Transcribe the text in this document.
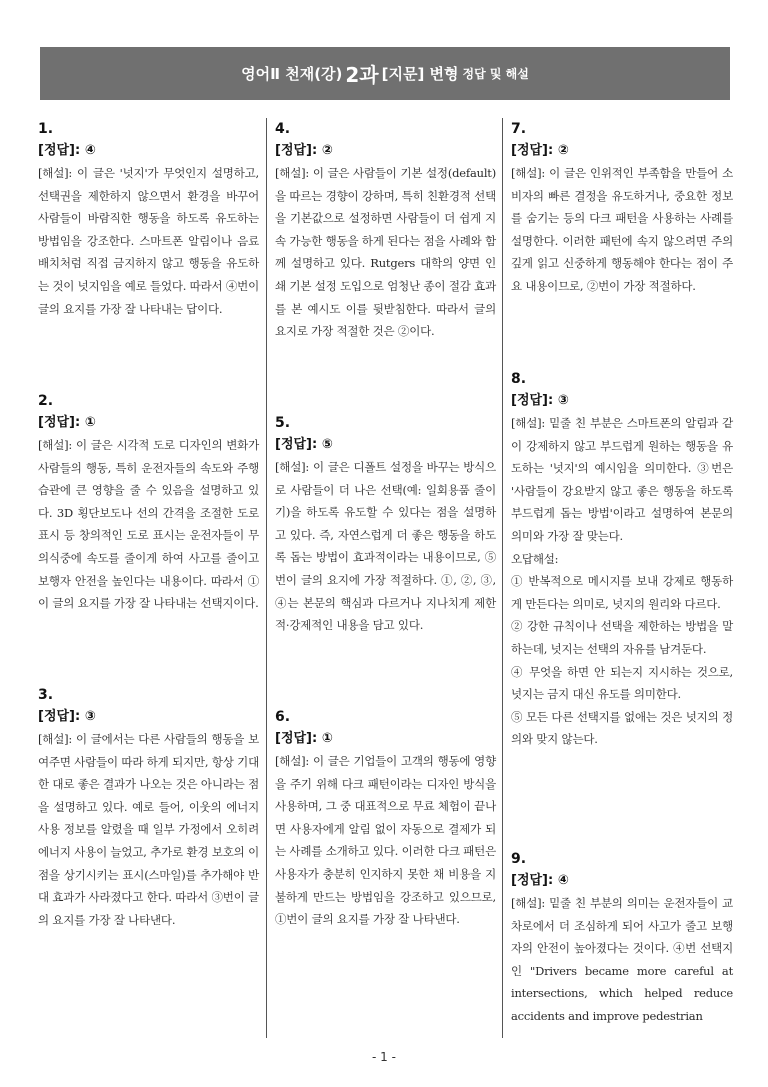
영어Ⅱ 천재(강) 2과 [지문] 변형 정답 및 해설
1.
[정답]: ④

[해설]: 이 글은 '넛지'가 무엇인지 설명하고, 선택권을 제한하지 않으면서 환경을 바꾸어 사람들이 바람직한 행동을 하도록 유도하는 방법임을 강조한다. 스마트폰 알림이나 음료 배치처럼 직접 금지하지 않고 행동을 유도하는 것이 넛지임을 예로 들었다. 따라서 ④번이 글의 요지를 가장 잘 나타내는 답이다.

2.
[정답]: ①

[해설]: 이 글은 시각적 도로 디자인의 변화가 사람들의 행동, 특히 운전자들의 속도와 주행 습관에 큰 영향을 줄 수 있음을 설명하고 있다. 3D 횡단보도나 선의 간격을 조절한 도로 표시 등 창의적인 도로 표시는 운전자들이 무의식중에 속도를 줄이게 하여 사고를 줄이고 보행자 안전을 높인다는 내용이다. 따라서 ①이 글의 요지를 가장 잘 나타내는 선택지이다.

3.
[정답]: ③

[해설]: 이 글에서는 다른 사람들의 행동을 보여주면 사람들이 따라 하게 되지만, 항상 기대한 대로 좋은 결과가 나오는 것은 아니라는 점을 설명하고 있다. 예로 들어, 이웃의 에너지 사용 정보를 알렸을 때 일부 가정에서 오히려 에너지 사용이 늘었고, 추가로 환경 보호의 이점을 상기시키는 표시(스마일)를 추가해야 반대 효과가 사라졌다고 한다. 따라서 ③번이 글의 요지를 가장 잘 나타낸다.

4.
[정답]: ②

[해설]: 이 글은 사람들이 기본 설정(default)을 따르는 경향이 강하며, 특히 친환경적 선택을 기본값으로 설정하면 사람들이 더 쉽게 지속 가능한 행동을 하게 된다는 점을 사례와 함께 설명하고 있다. Rutgers 대학의 양면 인쇄 기본 설정 도입으로 엄청난 종이 절감 효과를 본 예시도 이를 뒷받침한다. 따라서 글의 요지로 가장 적절한 것은 ②이다.

5.
[정답]: ⑤

[해설]: 이 글은 디폴트 설정을 바꾸는 방식으로 사람들이 더 나은 선택(예: 일회용품 줄이기)을 하도록 유도할 수 있다는 점을 설명하고 있다. 즉, 자연스럽게 더 좋은 행동을 하도록 돕는 방법이 효과적이라는 내용이므로, ⑤번이 글의 요지에 가장 적절하다. ①, ②, ③, ④는 본문의 핵심과 다르거나 지나치게 제한적·강제적인 내용을 담고 있다.

6.
[정답]: ①

[해설]: 이 글은 기업들이 고객의 행동에 영향을 주기 위해 다크 패턴이라는 디자인 방식을 사용하며, 그 중 대표적으로 무료 체험이 끝나면 사용자에게 알림 없이 자동으로 결제가 되는 사례를 소개하고 있다. 이러한 다크 패턴은 사용자가 충분히 인지하지 못한 채 비용을 지불하게 만드는 방법임을 강조하고 있으므로, ①번이 글의 요지를 가장 잘 나타낸다.

7.
[정답]: ②

[해설]: 이 글은 인위적인 부족함을 만들어 소비자의 빠른 결정을 유도하거나, 중요한 정보를 숨기는 등의 다크 패턴을 사용하는 사례를 설명한다. 이러한 패턴에 속지 않으려면 주의 깊게 읽고 신중하게 행동해야 한다는 점이 주요 내용이므로, ②번이 가장 적절하다.

8.
[정답]: ③

[해설]: 밑줄 친 부분은 스마트폰의 알림과 같이 강제하지 않고 부드럽게 원하는 행동을 유도하는 '넛지'의 예시임을 의미한다. ③번은 '사람들이 강요받지 않고 좋은 행동을 하도록 부드럽게 돕는 방법'이라고 설명하여 본문의 의미와 가장 잘 맞는다.

오답해설:

① 반복적으로 메시지를 보내 강제로 행동하게 만든다는 의미로, 넛지의 원리와 다르다.

② 강한 규칙이나 선택을 제한하는 방법을 말하는데, 넛지는 선택의 자유를 남겨둔다.

④ 무엇을 하면 안 되는지 지시하는 것으로, 넛지는 금지 대신 유도를 의미한다.

⑤ 모든 다른 선택지를 없애는 것은 넛지의 정의와 맞지 않는다.

9.
[정답]: ④

[해설]: 밑줄 친 부분의 의미는 운전자들이 교차로에서 더 조심하게 되어 사고가 줄고 보행자의 안전이 높아졌다는 것이다. ④번 선택지인 "Drivers became more careful at intersections, which helped reduce accidents and improve pedestrian

- 1 -
